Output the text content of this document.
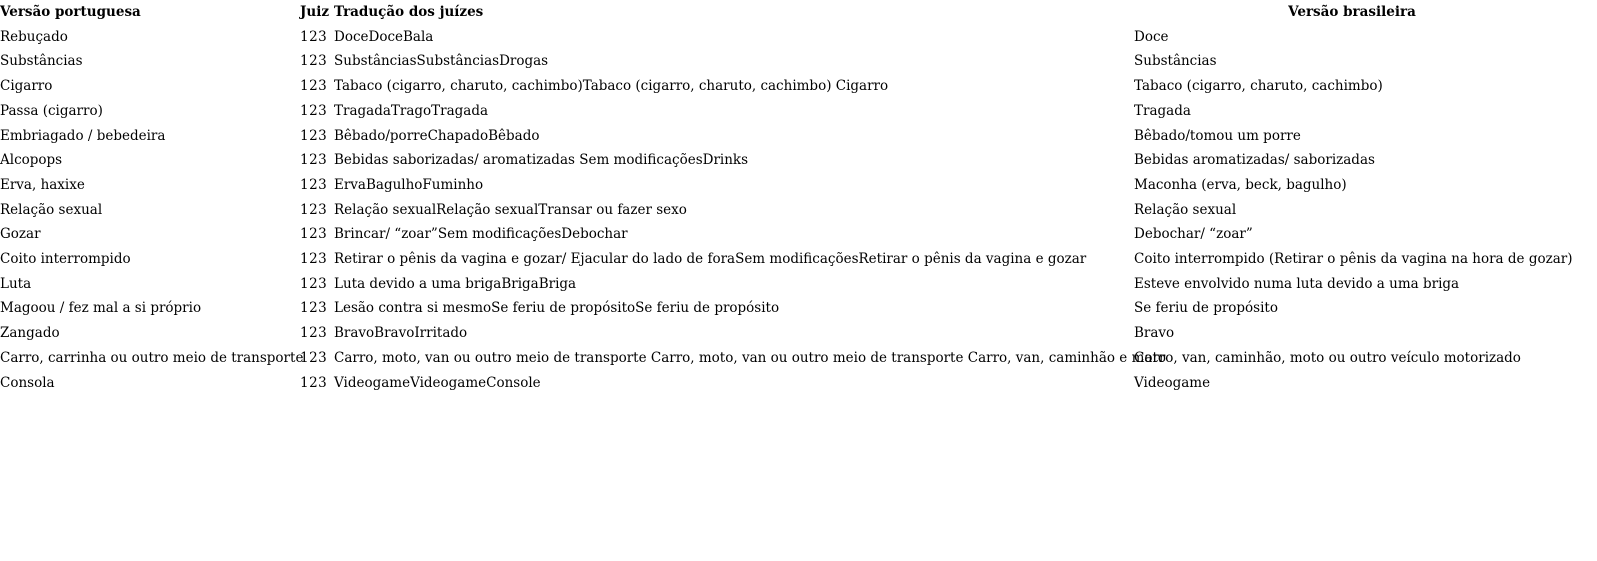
Versão portuguesa	Juiz	Tradução dos juízes	Versão brasileira
Rebuçado	123	DoceDoceBala	Doce
Substâncias	123	SubstânciasSubstânciasDrogas	Substâncias
Cigarro	123	Tabaco (cigarro, charuto, cachimbo)Tabaco (cigarro, charuto, cachimbo) Cigarro	Tabaco (cigarro, charuto, cachimbo)
Passa (cigarro)	123	TragadaTragoTragada	Tragada
Embriagado / bebedeira	123	Bêbado/porreChapadoBêbado	Bêbado/tomou um porre
Alcopops	123	Bebidas saborizadas/ aromatizadas Sem modificaçõesDrinks	Bebidas aromatizadas/ saborizadas
Erva, haxixe	123	ErvaBagulhoFuminho	Maconha (erva, beck, bagulho)
Relação sexual	123	Relação sexualRelação sexualTransar ou fazer sexo	Relação sexual
Gozar	123	Brincar/ “zoar”Sem modificaçõesDebochar	Debochar/ “zoar”
Coito interrompido	123	Retirar o pênis da vagina e gozar/ Ejacular do lado de foraSem modificaçõesRetirar o pênis da vagina e gozar	Coito interrompido (Retirar o pênis da vagina na hora de gozar)
Luta	123	Luta devido a uma brigaBrigaBriga	Esteve envolvido numa luta devido a uma briga
Magoou / fez mal a si próprio	123	Lesão contra si mesmoSe feriu de propósitoSe feriu de propósito	Se feriu de propósito
Zangado	123	BravoBravoIrritado	Bravo
Carro, carrinha ou outro meio de transporte	123	Carro, moto, van ou outro meio de transporte Carro, moto, van ou outro meio de transporte Carro, van, caminhão e moto	Carro, van, caminhão, moto ou outro veículo motorizado
Consola	123	VideogameVideogameConsole	Videogame
